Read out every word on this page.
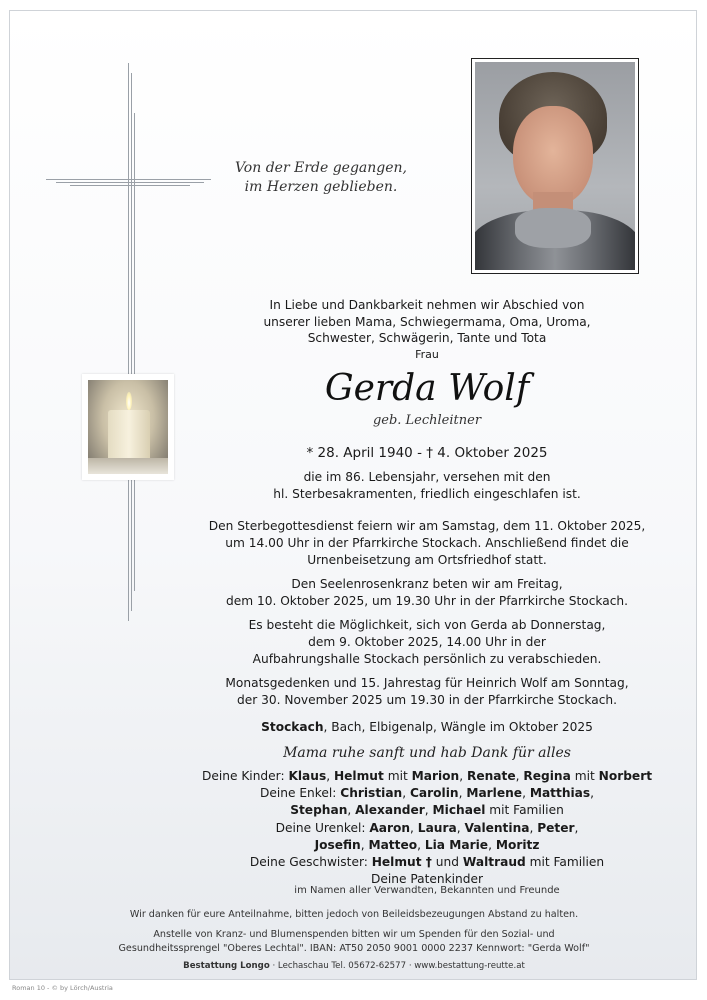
Von der Erde gegangen,

im Herzen geblieben.

In Liebe und Dankbarkeit nehmen wir Abschied von

unserer lieben Mama, Schwiegermama, Oma, Uroma,

Schwester, Schwägerin, Tante und Tota

Frau

Gerda Wolf
geb. Lechleitner
* 28. April 1940 - † 4. Oktober 2025

die im 86. Lebensjahr, versehen mit den

hl. Sterbesakramenten, friedlich eingeschlafen ist.

Den Sterbegottesdienst feiern wir am Samstag, dem 11. Oktober 2025,

um 14.00 Uhr in der Pfarrkirche Stockach. Anschließend findet die

Urnenbeisetzung am Ortsfriedhof statt.

Den Seelenrosenkranz beten wir am Freitag,

dem 10. Oktober 2025, um 19.30 Uhr in der Pfarrkirche Stockach.

Es besteht die Möglichkeit, sich von Gerda ab Donnerstag,

dem 9. Oktober 2025, 14.00 Uhr in der

Aufbahrungshalle Stockach persönlich zu verabschieden.

Monatsgedenken und 15. Jahrestag für Heinrich Wolf am Sonntag,

der 30. November 2025 um 19.30 in der Pfarrkirche Stockach.

Stockach, Bach, Elbigenalp, Wängle im Oktober 2025
Mama ruhe sanft und hab Dank für alles

Deine Kinder: Klaus, Helmut mit Marion, Renate, Regina mit Norbert

Deine Enkel: Christian, Carolin, Marlene, Matthias,

Stephan, Alexander, Michael mit Familien

Deine Urenkel: Aaron, Laura, Valentina, Peter,

Josefin, Matteo, Lia Marie, Moritz

Deine Geschwister: Helmut † und Waltraud mit Familien

Deine Patenkinder

im Namen aller Verwandten, Bekannten und Freunde
Wir danken für eure Anteilnahme, bitten jedoch von Beileidsbezeugungen Abstand zu halten.

Anstelle von Kranz- und Blumenspenden bitten wir um Spenden für den Sozial- und

Gesundheitssprengel "Oberes Lechtal". IBAN: AT50 2050 9001 0000 2237 Kennwort: "Gerda Wolf"

Bestattung Longo · Lechaschau Tel. 05672-62577 · www.bestattung-reutte.at
Roman 10 - © by Lörch/Austria
